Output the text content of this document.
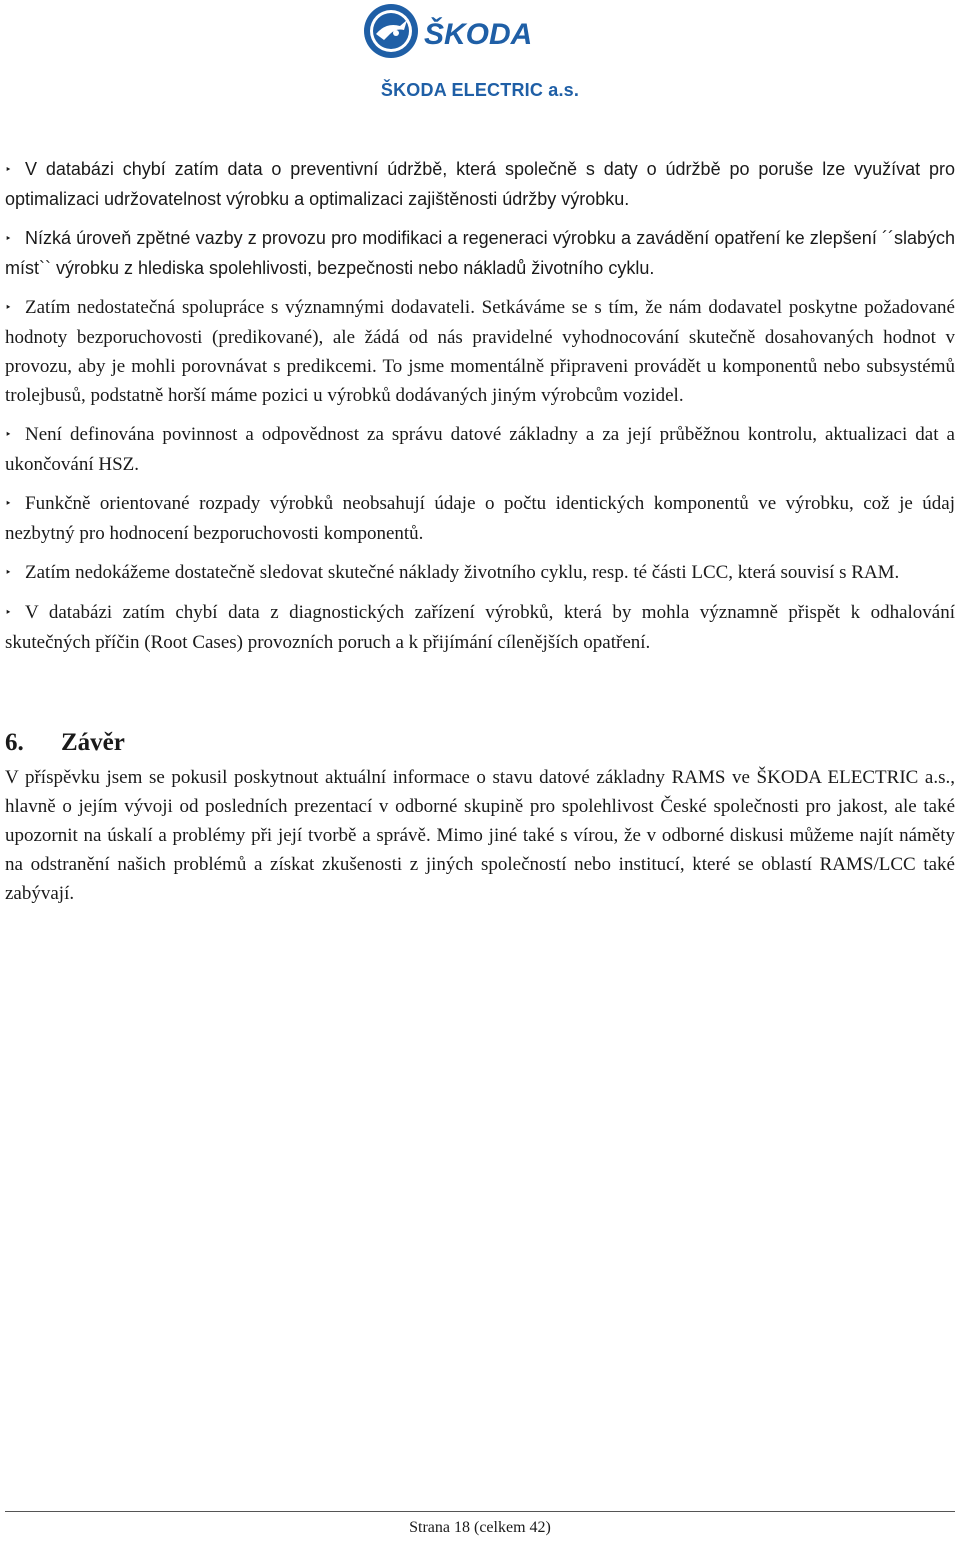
ŠKODA
ŠKODA ELECTRIC a.s.

‣ V databázi chybí zatím data o preventivní údržbě, která společně s daty o údržbě po poruše lze využívat pro optimalizaci udržovatelnost výrobku a optimalizaci zajištěnosti údržby výrobku.

‣ Nízká úroveň zpětné vazby z provozu pro modifikaci a regeneraci výrobku a zavádění opatření ke zlepšení ´´slabých míst`` výrobku z hlediska spolehlivosti, bezpečnosti nebo nákladů životního cyklu.

‣ Zatím nedostatečná spolupráce s významnými dodavateli. Setkáváme se s tím, že nám dodavatel poskytne požadované hodnoty bezporuchovosti (predikované), ale žádá od nás pravidelné vyhodnocování skutečně dosahovaných hodnot v provozu, aby je mohli porovnávat s predikcemi. To jsme momentálně připraveni provádět u komponentů nebo subsystémů trolejbusů, podstatně horší máme pozici u výrobků dodávaných jiným výrobcům vozidel.

‣ Není definována povinnost a odpovědnost za správu datové základny a za její průběžnou kontrolu, aktualizaci dat a ukončování HSZ.

‣ Funkčně orientované rozpady výrobků neobsahují údaje o počtu identických komponentů ve výrobku, což je údaj nezbytný pro hodnocení bezporuchovosti komponentů.

‣ Zatím nedokážeme dostatečně sledovat skutečné náklady životního cyklu, resp. té části LCC, která souvisí s RAM.

‣ V databázi zatím chybí data z diagnostických zařízení výrobků, která by mohla významně přispět k odhalování skutečných příčin (Root Cases) provozních poruch a k přijímání cílenějších opatření.

6. Závěr

V příspěvku jsem se pokusil poskytnout aktuální informace o stavu datové základny RAMS ve ŠKODA ELECTRIC a.s., hlavně o jejím vývoji od posledních prezentací v odborné skupině pro spolehlivost České společnosti pro jakost, ale také upozornit na úskalí a problémy při její tvorbě a správě. Mimo jiné také s vírou, že v odborné diskusi můžeme najít náměty na odstranění našich problémů a získat zkušenosti z jiných společností nebo institucí, které se oblastí RAMS/LCC také zabývají.

Strana 18 (celkem 42)
